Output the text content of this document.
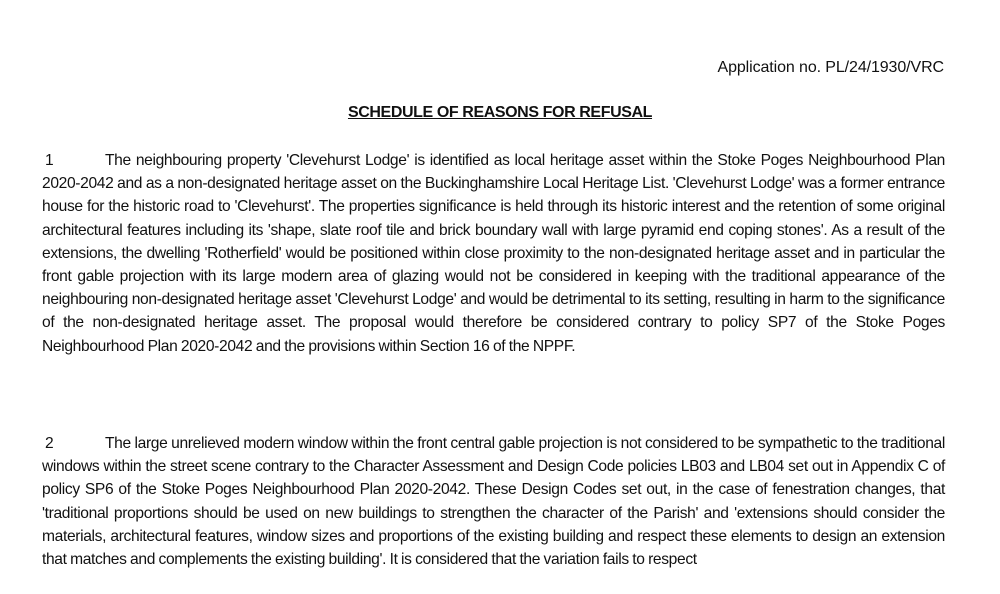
Application no. PL/24/1930/VRC
SCHEDULE OF REASONS FOR REFUSAL
1	The neighbouring property 'Clevehurst Lodge' is identified as local heritage asset within the Stoke Poges Neighbourhood Plan 2020-2042 and as a non-designated heritage asset on the Buckinghamshire Local Heritage List. 'Clevehurst Lodge' was a former entrance house for the historic road to 'Clevehurst'. The properties significance is held through its historic interest and the retention of some original architectural features including its 'shape, slate roof tile and brick boundary wall with large pyramid end coping stones'. As a result of the extensions, the dwelling 'Rotherfield' would be positioned within close proximity to the non-designated heritage asset and in particular the front gable projection with its large modern area of glazing would not be considered in keeping with the traditional appearance of the neighbouring non-designated heritage asset 'Clevehurst Lodge' and would be detrimental to its setting, resulting in harm to the significance of the non-designated heritage asset. The proposal would therefore be considered contrary to policy SP7 of the Stoke Poges Neighbourhood Plan 2020-2042 and the provisions within Section 16 of the NPPF.
2	The large unrelieved modern window within the front central gable projection is not considered to be sympathetic to the traditional windows within the street scene contrary to the Character Assessment and Design Code policies LB03 and LB04 set out in Appendix C of policy SP6 of the Stoke Poges Neighbourhood Plan 2020-2042. These Design Codes set out, in the case of fenestration changes, that 'traditional proportions should be used on new buildings to strengthen the character of the Parish' and 'extensions should consider the materials, architectural features, window sizes and proportions of the existing building and respect these elements to design an extension that matches and complements the existing building'. It is considered that the variation fails to respect
